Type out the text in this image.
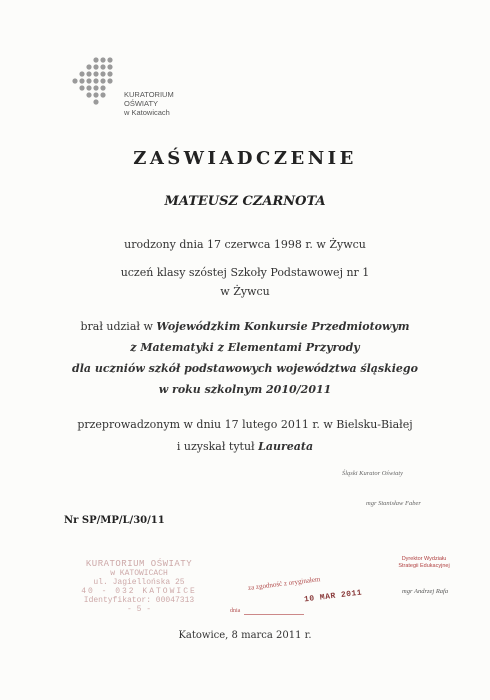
KURATORIUM
OŚWIATY
w Katowicach
ZAŚWIADCZENIE
MATEUSZ CZARNOTA
urodzony dnia 17 czerwca 1998 r. w Żywcu
uczeń klasy szóstej Szkoły Podstawowej nr 1
w Żywcu
brał udział w Wojewódzkim Konkursie Przedmiotowym
z Matematyki z Elementami Przyrody
dla uczniów szkół podstawowych województwa śląskiego
w roku szkolnym 2010/2011
przeprowadzonym w dniu 17 lutego 2011 r. w Bielsku-Białej
i uzyskał tytuł Laureata
Śląski Kurator Oświaty
mgr Stanisław Faber
Nr SP/MP/L/30/11
KURATORIUM OŚWIATY
w KATOWICACH
ul. Jagiellońska 25
40 - 032 KATOWICE
Identyfikator: 00047313
- 5 -
Dyrektor Wydziału
Strategii Edukacyjnej
mgr Andrzej Rafa
za zgodność z oryginałem
10 MAR 2011
dnia
Katowice, 8 marca 2011 r.
